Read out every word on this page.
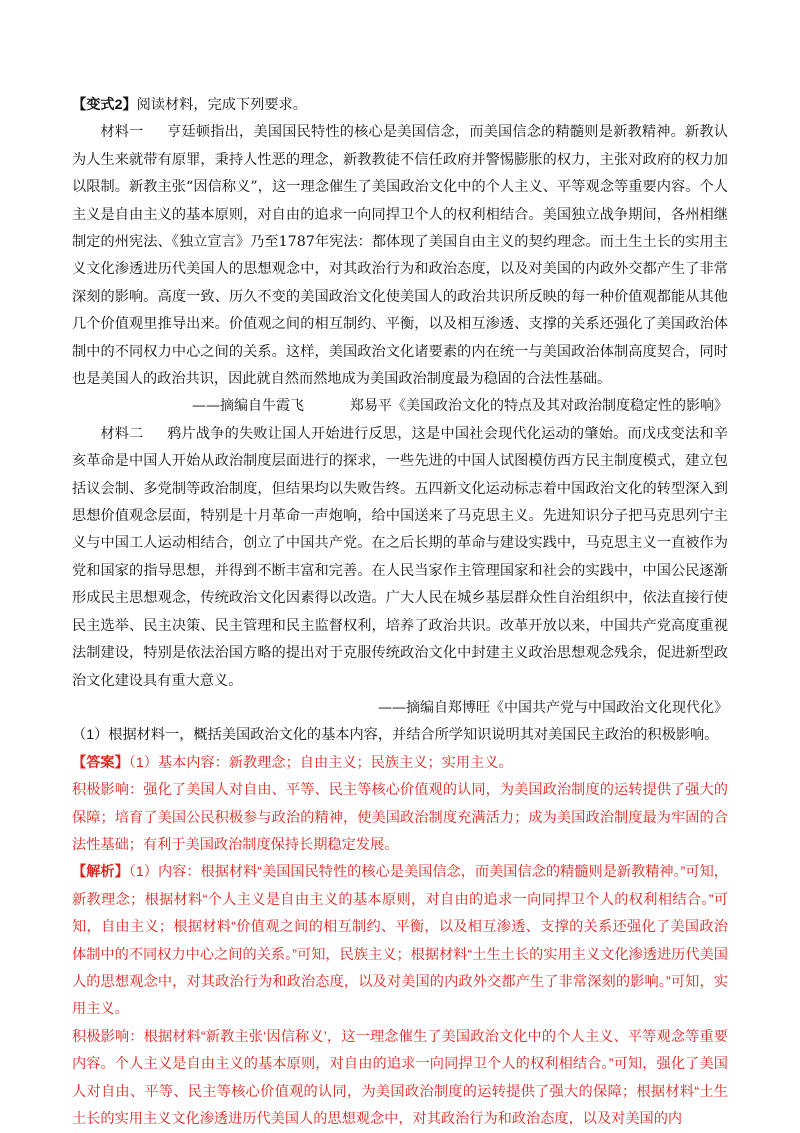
【变式2】阅读材料，完成下列要求。

材料一 亨廷顿指出，美国国民特性的核心是美国信念，而美国信念的精髓则是新教精神。新教认为人生来就带有原罪，秉持人性恶的理念，新教教徒不信任政府并警惕膨胀的权力，主张对政府的权力加以限制。新教主张“因信称义”，这一理念催生了美国政治文化中的个人主义、平等观念等重要内容。个人主义是自由主义的基本原则，对自由的追求一向同捍卫个人的权利相结合。美国独立战争期间，各州相继制定的州宪法、《独立宣言》乃至1787年宪法：都体现了美国自由主义的契约理念。而土生土长的实用主义文化渗透进历代美国人的思想观念中，对其政治行为和政治态度，以及对美国的内政外交都产生了非常深刻的影响。高度一致、历久不变的美国政治文化使美国人的政治共识所反映的每一种价值观都能从其他几个价值观里推导出来。价值观之间的相互制约、平衡，以及相互渗透、支撑的关系还强化了美国政治体制中的不同权力中心之间的关系。这样，美国政治文化诸要素的内在统一与美国政治体制高度契合，同时也是美国人的政治共识，因此就自然而然地成为美国政治制度最为稳固的合法性基础。

——摘编自牛霞飞	郑易平《美国政治文化的特点及其对政治制度稳定性的影响》

材料二 鸦片战争的失败让国人开始进行反思，这是中国社会现代化运动的肇始。而戊戌变法和辛亥革命是中国人开始从政治制度层面进行的探求，一些先进的中国人试图模仿西方民主制度模式，建立包括议会制、多党制等政治制度，但结果均以失败告终。五四新文化运动标志着中国政治文化的转型深入到思想价值观念层面，特别是十月革命一声炮响，给中国送来了马克思主义。先进知识分子把马克思列宁主义与中国工人运动相结合，创立了中国共产党。在之后长期的革命与建设实践中，马克思主义一直被作为党和国家的指导思想，并得到不断丰富和完善。在人民当家作主管理国家和社会的实践中，中国公民逐渐形成民主思想观念，传统政治文化因素得以改造。广大人民在城乡基层群众性自治组织中，依法直接行使民主选举、民主决策、民主管理和民主监督权利，培养了政治共识。改革开放以来，中国共产党高度重视法制建设，特别是依法治国方略的提出对于克服传统政治文化中封建主义政治思想观念残余，促进新型政治文化建设具有重大意义。

——摘编自郑博旺《中国共产党与中国政治文化现代化》

（1）根据材料一，概括美国政治文化的基本内容，并结合所学知识说明其对美国民主政治的积极影响。

【答案】（1）基本内容：新教理念；自由主义；民族主义；实用主义。

积极影响：强化了美国人对自由、平等、民主等核心价值观的认同，为美国政治制度的运转提供了强大的保障；培育了美国公民积极参与政治的精神，使美国政治制度充满活力；成为美国政治制度最为牢固的合法性基础；有利于美国政治制度保持长期稳定发展。

【解析】（1）内容：根据材料“美国国民特性的核心是美国信念，而美国信念的精髓则是新教精神。”可知，新教理念；根据材料“个人主义是自由主义的基本原则，对自由的追求一向同捍卫个人的权利相结合。”可知，自由主义；根据材料“价值观之间的相互制约、平衡，以及相互渗透、支撑的关系还强化了美国政治体制中的不同权力中心之间的关系。”可知，民族主义；根据材料“土生土长的实用主义文化渗透进历代美国人的思想观念中，对其政治行为和政治态度，以及对美国的内政外交都产生了非常深刻的影响。”可知，实用主义。

积极影响：根据材料“新教主张‘因信称义’，这一理念催生了美国政治文化中的个人主义、平等观念等重要内容。个人主义是自由主义的基本原则，对自由的追求一向同捍卫个人的权利相结合。”可知，强化了美国人对自由、平等、民主等核心价值观的认同，为美国政治制度的运转提供了强大的保障；根据材料“土生土长的实用主义文化渗透进历代美国人的思想观念中，对其政治行为和政治态度，以及对美国的内
